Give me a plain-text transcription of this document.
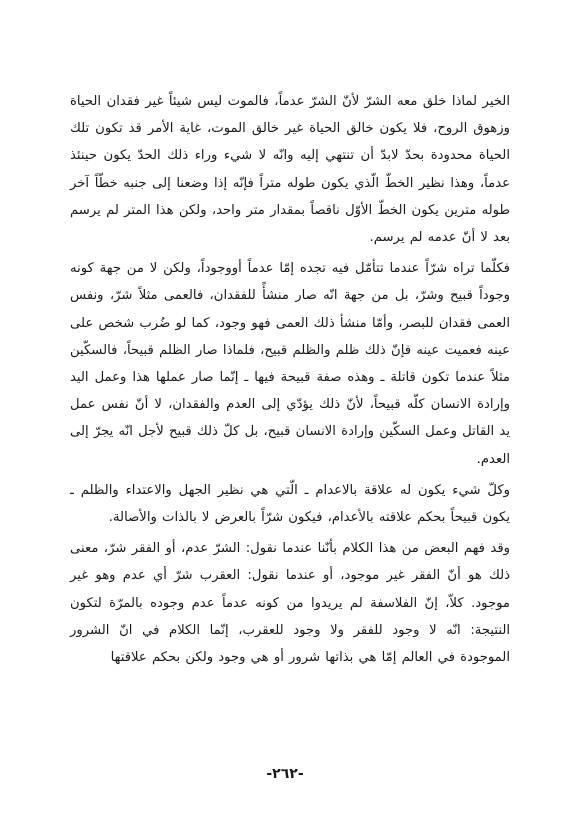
الخير لماذا خلق معه الشرّ لأنّ الشرّ عدماً، فالموت ليس شيئاً غير فقدان الحياة وزهوق الروح، فلا يكون خالق الحياة غير خالق الموت، غاية الأمر قد تكون تلك الحياة محدودة بحدّ لابدّ أن تنتهي إليه وانّه لا شيء وراء ذلك الحدّ يكون حينئذ عدماً، وهذا نظير الخطّ الّذي يكون طوله متراً فإنّه إذا وضعنا إلى جنبه خطّاً آخر طوله مترين يكون الخطّ الأوّل ناقصاً بمقدار متر واحد، ولكن هذا المتر لم يرسم بعد لا أنّ عدمه لم يرسم.

فكلّما تراه شرّاً عندما تتأمّل فيه تجده إمّا عدماً أووجوداً، ولكن لا من جهة كونه وجوداً قبيح وشرّ، بل من جهة انّه صار منشأً للفقدان، فالعمى مثلاً شرّ، ونفس العمى فقدان للبصر، وأمّا منشأ ذلك العمى فهو وجود، كما لو ضُرب شخص على عينه فعميت عينه فإنّ ذلك ظلم والظلم قبيح، فلماذا صار الظلم قبيحاً، فالسكّين مثلاً عندما تكون قاتلة ـ وهذه صفة قبيحة فيها ـ إنّما صار عملها هذا وعمل اليد وإرادة الانسان كلّه قبيحاً، لأنّ ذلك يؤدّي إلى العدم والفقدان، لا أنّ نفس عمل يد القاتل وعمل السكّين وإرادة الانسان قبيح، بل كلّ ذلك قبيح لأجل انّه يجرّ إلى العدم.

وكلّ شيء يكون له علاقة بالاعدام ـ الّتي هي نظير الجهل والاعتداء والظلم ـ يكون قبيحاً بحكم علاقته بالأعدام، فيكون شرّاً بالعرض لا بالذات والأصالة.

وقد فهم البعض من هذا الكلام بأنّنا عندما نقول: الشرّ عدم، أو الفقر شرّ، معنى ذلك هو أنّ الفقر غير موجود، أو عندما نقول: العقرب شرّ أي عدم وهو غير موجود. كلاّ، إنّ الفلاسفة لم يريدوا من كونه عدماً عدم وجوده بالمرّة لتكون النتيجة: انّه لا وجود للفقر ولا وجود للعقرب، إنّما الكلام في انّ الشرور الموجودة في العالم إمّا هي بذاتها شرور أو هي وجود ولكن بحكم علاقتها

-٢٦٢-
